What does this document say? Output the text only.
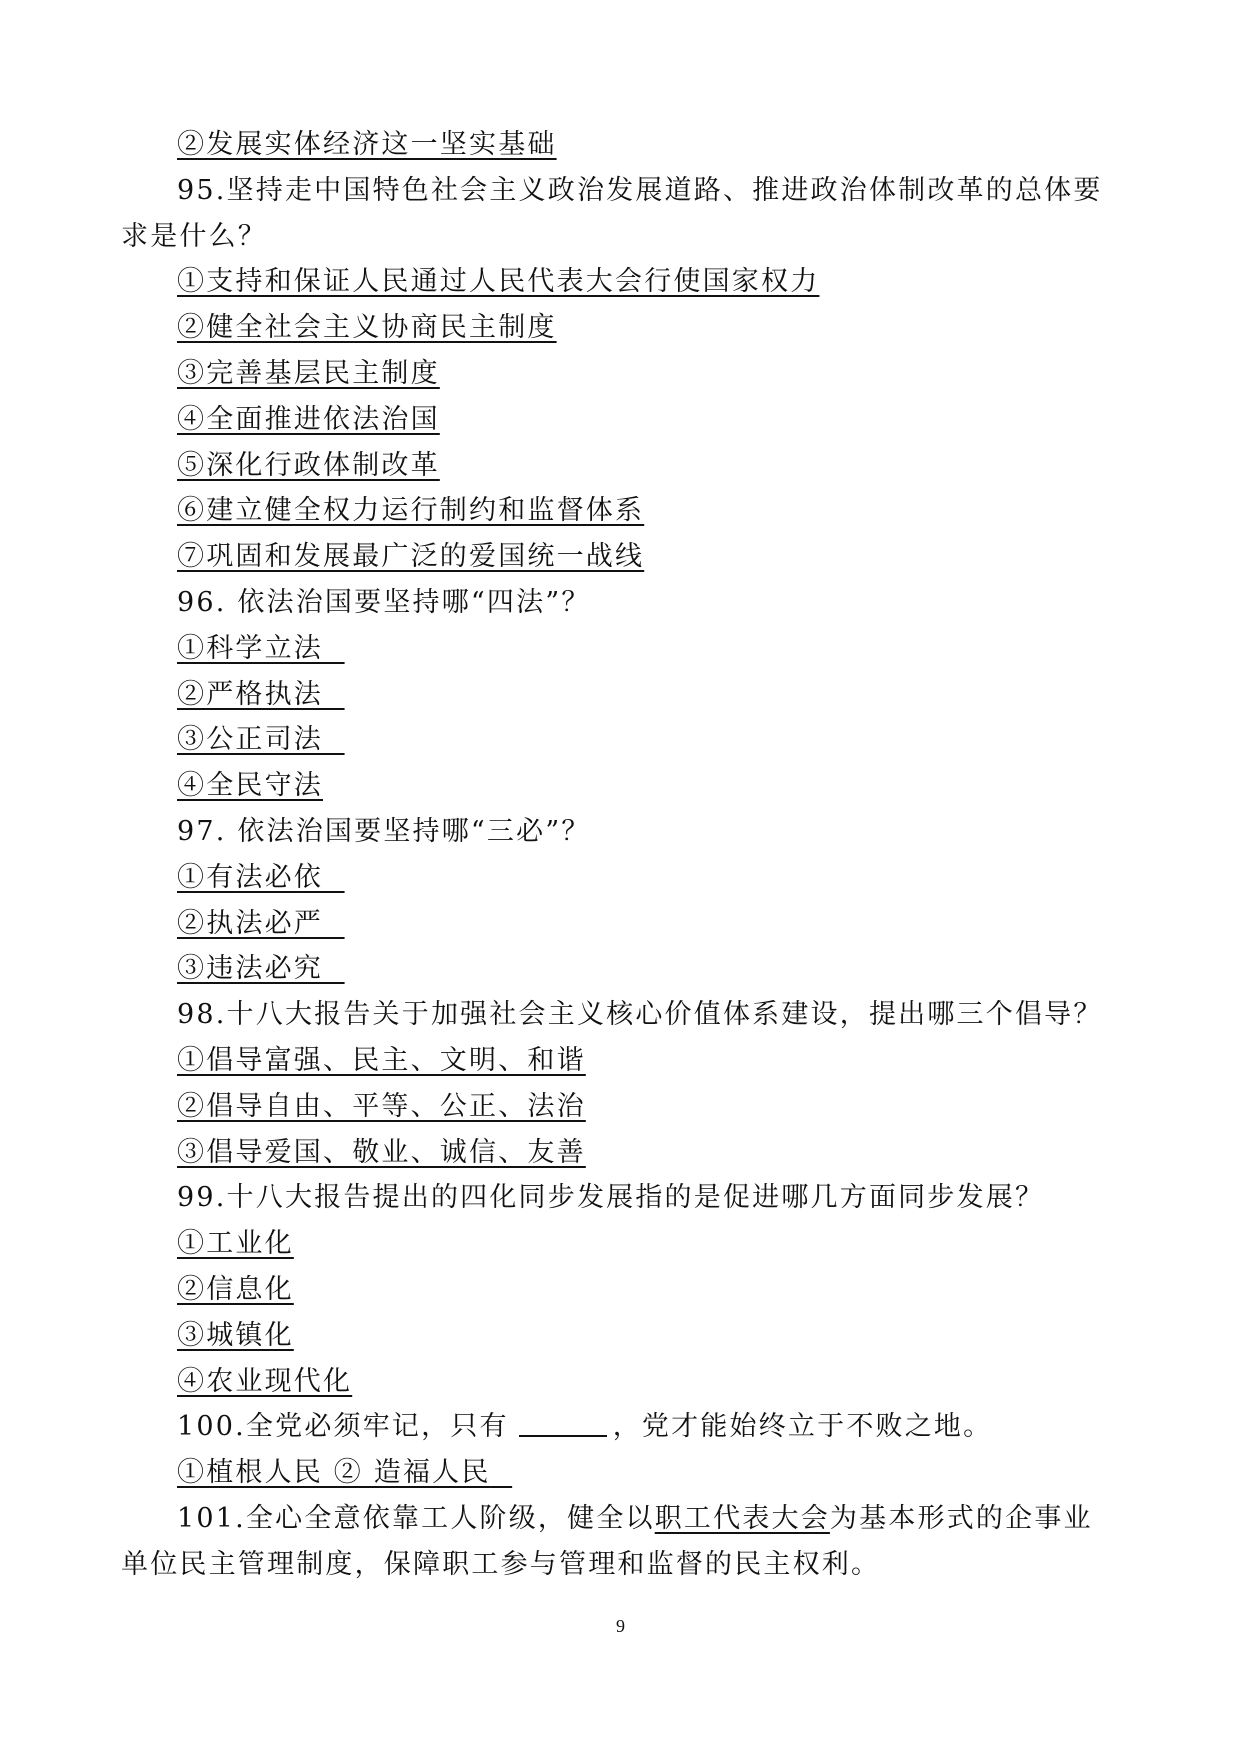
②发展实体经济这一坚实基础
95.坚持走中国特色社会主义政治发展道路、推进政治体制改革的总体要求是什么？
①支持和保证人民通过人民代表大会行使国家权力
②健全社会主义协商民主制度
③完善基层民主制度
④全面推进依法治国
⑤深化行政体制改革
⑥建立健全权力运行制约和监督体系
⑦巩固和发展最广泛的爱国统一战线
96. 依法治国要坚持哪“四法”？
①科学立法
②严格执法
③公正司法
④全民守法
97. 依法治国要坚持哪“三必”？
①有法必依
②执法必严
③违法必究
98.十八大报告关于加强社会主义核心价值体系建设，提出哪三个倡导？
①倡导富强、民主、文明、和谐
②倡导自由、平等、公正、法治
③倡导爱国、敬业、诚信、友善
99.十八大报告提出的四化同步发展指的是促进哪几方面同步发展？
①工业化
②信息化
③城镇化
④农业现代化
100.全党必须牢记，只有	，党才能始终立于不败之地。
①植根人民 ② 造福人民
101.全心全意依靠工人阶级，健全以职工代表大会为基本形式的企事业单位民主管理制度，保障职工参与管理和监督的民主权利。
9
